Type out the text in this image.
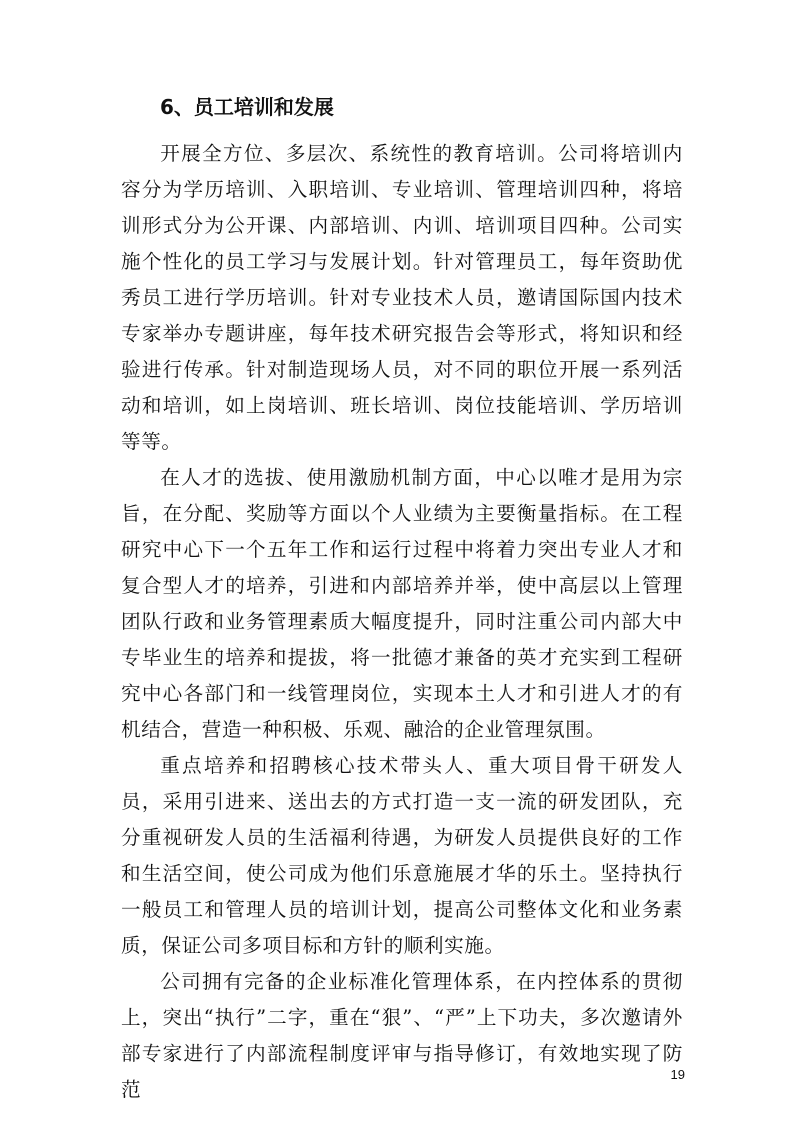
6、员工培训和发展

开展全方位、多层次、系统性的教育培训。公司将培训内容分为学历培训、入职培训、专业培训、管理培训四种，将培训形式分为公开课、内部培训、内训、培训项目四种。公司实施个性化的员工学习与发展计划。针对管理员工，每年资助优秀员工进行学历培训。针对专业技术人员，邀请国际国内技术专家举办专题讲座，每年技术研究报告会等形式，将知识和经验进行传承。针对制造现场人员，对不同的职位开展一系列活动和培训，如上岗培训、班长培训、岗位技能培训、学历培训等等。

在人才的选拔、使用激励机制方面，中心以唯才是用为宗旨，在分配、奖励等方面以个人业绩为主要衡量指标。在工程研究中心下一个五年工作和运行过程中将着力突出专业人才和复合型人才的培养，引进和内部培养并举，使中高层以上管理团队行政和业务管理素质大幅度提升，同时注重公司内部大中专毕业生的培养和提拔，将一批德才兼备的英才充实到工程研究中心各部门和一线管理岗位，实现本土人才和引进人才的有机结合，营造一种积极、乐观、融洽的企业管理氛围。

重点培养和招聘核心技术带头人、重大项目骨干研发人员，采用引进来、送出去的方式打造一支一流的研发团队，充分重视研发人员的生活福利待遇，为研发人员提供良好的工作和生活空间，使公司成为他们乐意施展才华的乐土。坚持执行一般员工和管理人员的培训计划，提高公司整体文化和业务素质，保证公司多项目标和方针的顺利实施。

公司拥有完备的企业标准化管理体系，在内控体系的贯彻上，突出“执行”二字，重在“狠”、“严”上下功夫，多次邀请外部专家进行了内部流程制度评审与指导修订，有效地实现了防范

19
